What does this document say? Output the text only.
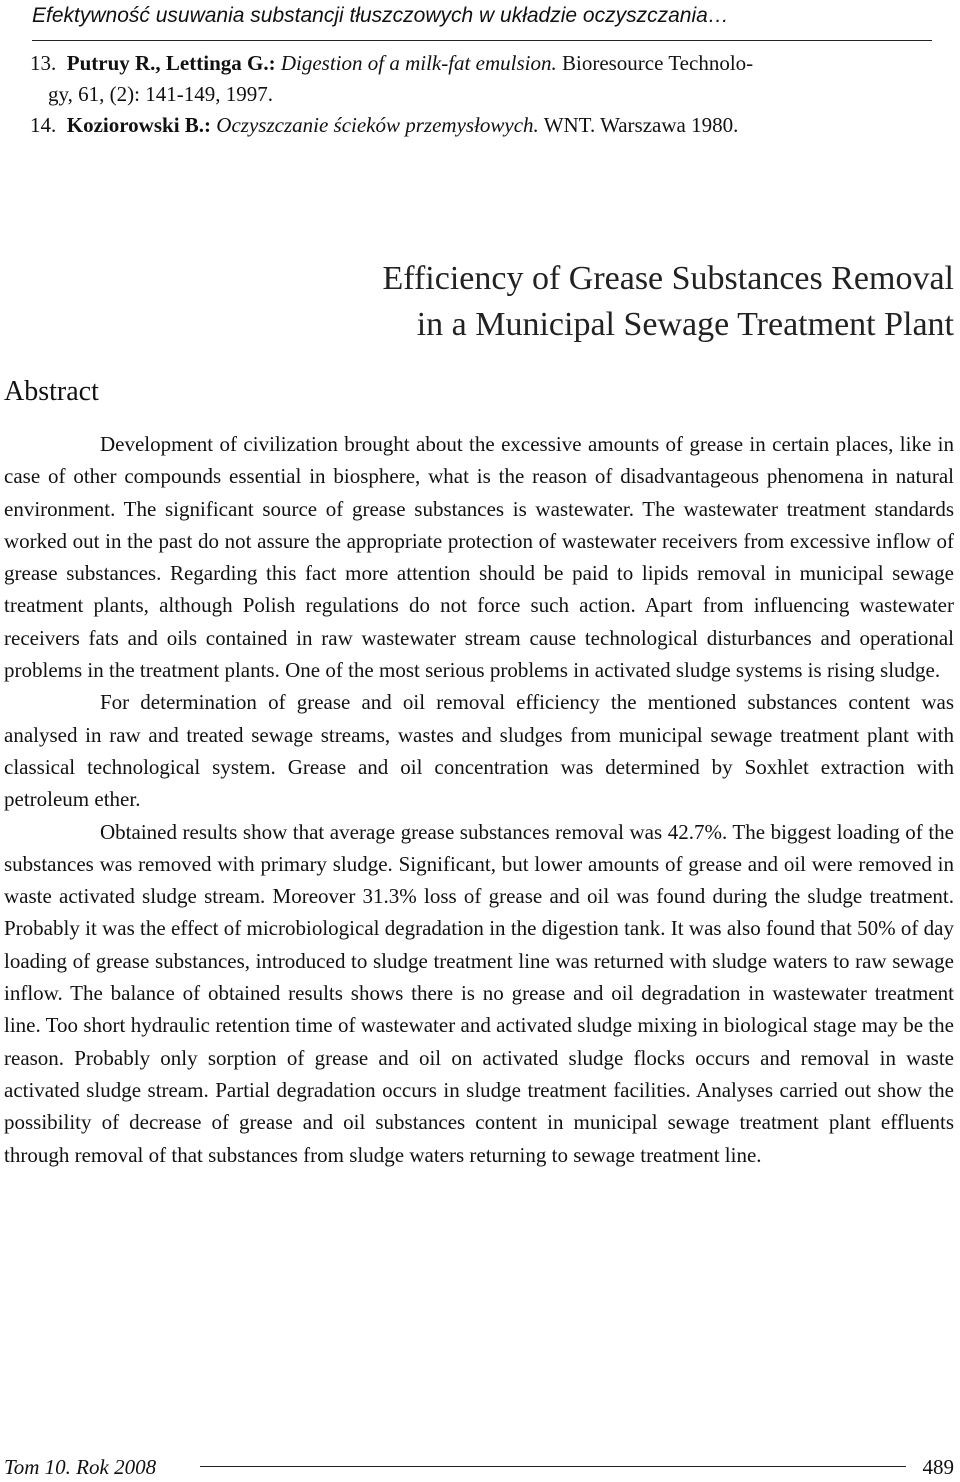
Efektywność usuwania substancji tłuszczowych w układzie oczyszczania…
13. Putruy R., Lettinga G.: Digestion of a milk-fat emulsion. Bioresource Technolo-
gy, 61, (2): 141-149, 1997.
14. Koziorowski B.: Oczyszczanie ścieków przemysłowych. WNT. Warszawa 1980.
Efficiency of Grease Substances Removal
in a Municipal Sewage Treatment Plant
Abstract

Development of civilization brought about the excessive amounts of grease in certain places, like in case of other compounds essential in biosphere, what is the reason of disadvantageous phenomena in natural environment. The significant source of grease substances is wastewater. The wastewater treatment standards worked out in the past do not assure the appropriate protection of wastewater receivers from excessive inflow of grease substances. Regarding this fact more attention should be paid to lipids removal in municipal sewage treatment plants, although Polish regulations do not force such action. Apart from influencing wastewater receivers fats and oils contained in raw wastewater stream cause technological disturbances and operational problems in the treatment plants. One of the most serious problems in activated sludge systems is rising sludge.

For determination of grease and oil removal efficiency the mentioned substances content was analysed in raw and treated sewage streams, wastes and sludges from municipal sewage treatment plant with classical technological system. Grease and oil concentration was determined by Soxhlet extraction with petroleum ether.

Obtained results show that average grease substances removal was 42.7%. The biggest loading of the substances was removed with primary sludge. Significant, but lower amounts of grease and oil were removed in waste activated sludge stream. Moreover 31.3% loss of grease and oil was found during the sludge treatment. Probably it was the effect of microbiological degradation in the digestion tank. It was also found that 50% of day loading of grease substances, introduced to sludge treatment line was returned with sludge waters to raw sewage inflow. The balance of obtained results shows there is no grease and oil degradation in wastewater treatment line. Too short hydraulic retention time of wastewater and activated sludge mixing in biological stage may be the reason. Probably only sorption of grease and oil on activated sludge flocks occurs and removal in waste activated sludge stream. Partial degradation occurs in sludge treatment facilities. Analyses carried out show the possibility of decrease of grease and oil substances content in municipal sewage treatment plant effluents through removal of that substances from sludge waters returning to sewage treatment line.

Tom 10. Rok 2008	489
